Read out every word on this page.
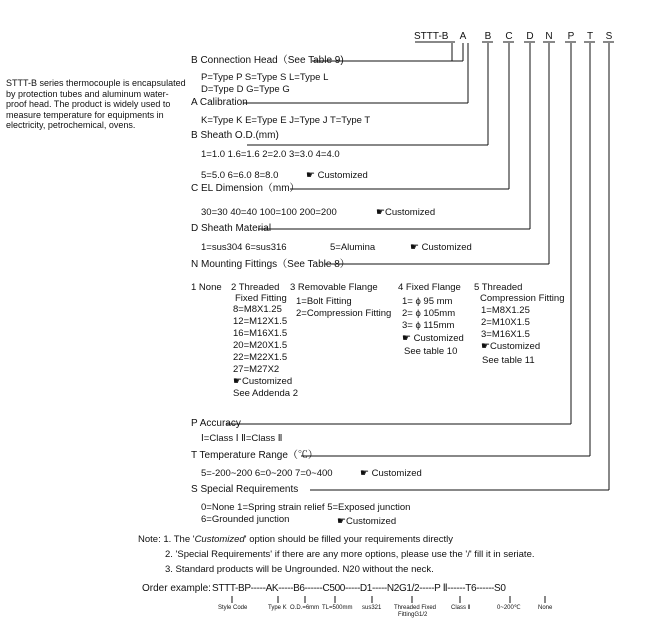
STTT-B	A	B	C	D	N	P	T	S
STTT-B series thermocouple is encapsulated by protection tubes and aluminum water-proof head. The product is widely used to measure temperature for equipments in electricity, petrochemical, ovens.
B Connection Head（See Table 9)
P=Type P S=Type S L=Type L
D=Type D G=Type G
A Calibration
K=Type K E=Type E J=Type J T=Type T
B Sheath O.D.(mm)
1=1.0 1.6=1.6 2=2.0 3=3.0 4=4.0
5=5.0 6=6.0 8=8.0	☛ Customized
C EL Dimension（mm）
30=30 40=40 100=100 200=200	☛Customized
D Sheath Material
1=sus304 6=sus316	5=Alumina	☛ Customized
N Mounting Fittings（See Table 8）
1 None 2 Threaded
Fixed Fitting
8=M8X1.25
12=M12X1.5
16=M16X1.5
20=M20X1.5
22=M22X1.5
27=M27X2
☛Customized
See Addenda 2
3 Removable Flange
1=Bolt Fitting
2=Compression Fitting
4 Fixed Flange
1= ϕ 95 mm
2= ϕ 105mm
3= ϕ 115mm
☛ Customized
See table 10
5 Threaded
Compression Fitting
1=M8X1.25
2=M10X1.5
3=M16X1.5
☛Customized
See table 11
P Accuracy
Ⅰ=Class Ⅰ Ⅱ=Class Ⅱ
T Temperature Range（℃）
5=-200~200 6=0~200 7=0~400	☛ Customized
S Special Requirements
0=None 1=Spring strain relief 5=Exposed junction
6=Grounded junction	☛Customized
Note: 1. The 'Customized' option should be filled your requirements directly
2. 'Special Requirements' if there are any more options, please use the '/' fill it in seriate.
3. Standard products will be Ungrounded. N20 without the neck.
Order example: STTT-BP-----AK-----B6------C500-----D1-----N2G1/2-----P Ⅱ------T6------S0
Style Code	Type K O.D.=6mm TL=500mm sus321 Threaded Fixed
FittingG1/2
Class Ⅱ	0~200℃	None
